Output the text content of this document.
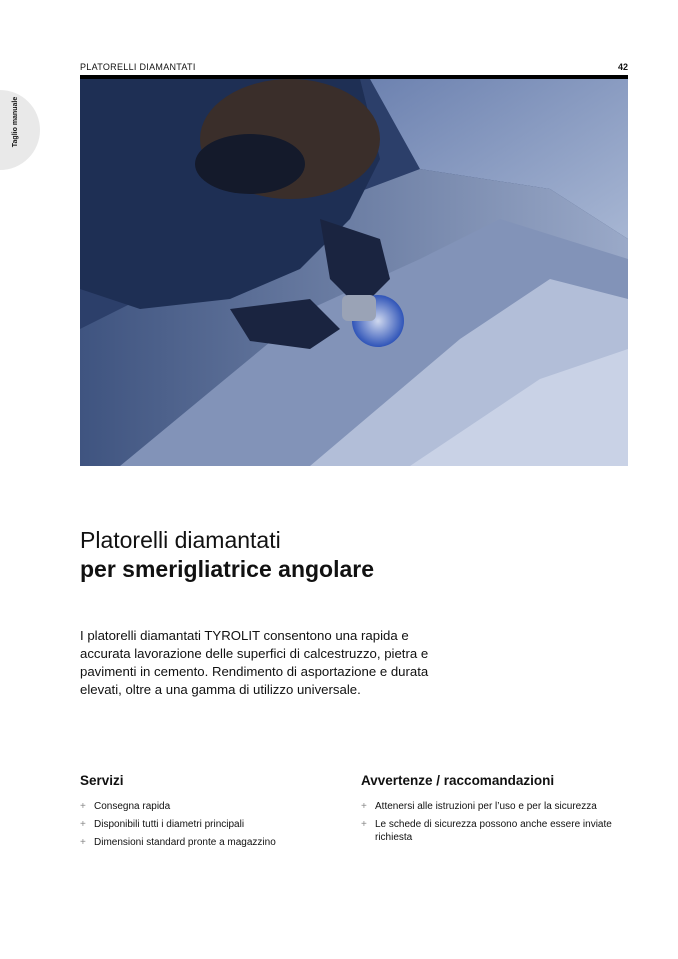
Taglio manuale
PLATORELLI DIAMANTATI	42
Platorelli diamantati
per smerigliatrice angolare

I platorelli diamantati TYROLIT consentono una rapida e accurata lavorazione delle superfici di calcestruzzo, pietra e pavimenti in cemento. Rendimento di asportazione e durata elevati, oltre a una gamma di utilizzo universale.

Servizi
+ Consegna rapida
+ Disponibili tutti i diametri principali
+ Dimensioni standard pronte a magazzino
Avvertenze / raccomandazioni
+ Attenersi alle istruzioni per l’uso e per la sicurezza
+ Le schede di sicurezza possono anche essere inviate richiesta
